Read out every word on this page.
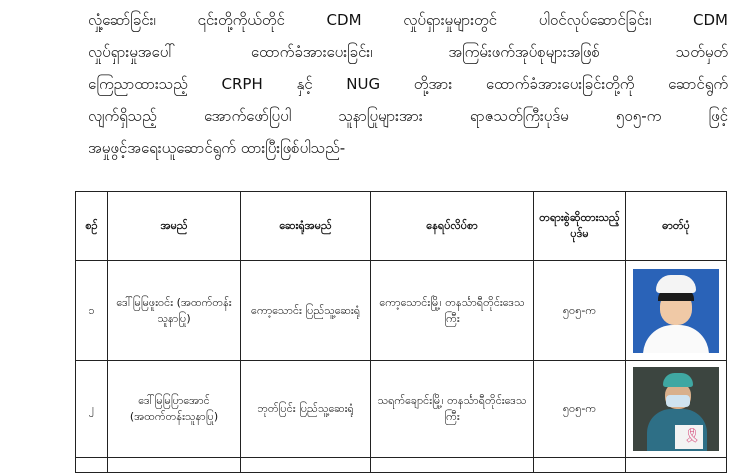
လှုံ့ဆော်ခြင်း၊ ၎င်းတို့ကိုယ်တိုင် CDM လှုပ်ရှားမှုများတွင် ပါဝင်လုပ်ဆောင်ခြင်း၊ CDM
လှုပ်ရှားမှုအပေါ် ထောက်ခံအားပေးခြင်း၊ အကြမ်းဖက်အုပ်စုများအဖြစ် သတ်မှတ်
ကြေညာထားသည့် CRPH နှင့် NUG တို့အား ထောက်ခံအားပေးခြင်းတို့ကို ဆောင်ရွက်
လျက်ရှိသည့် အောက်ဖော်ပြပါ သူနာပြုများအား ရာဇသတ်ကြီးပုဒ်မ ၅၀၅-က ဖြင့်
အမှုဖွင့်အရေးယူဆောင်ရွက် ထားပြီးဖြစ်ပါသည်-
စဉ်	အမည်	ဆေးရုံအမည်	နေရပ်လိပ်စာ	တရားစွဲဆိုထားသည့်ပုဒ်မ	ဓာတ်ပုံ
၁	ဒေါ်မြမြဖူးဝင်း (အထက်တန်းသူနာပြု)	ကော့သောင်း ပြည်သူ့ဆေးရုံ	ကော့သောင်းမြို့၊ တနင်္သာရီတိုင်းဒေသကြီး	၅၀၅-က	

၂	ဒေါ်မြမြပြာအောင် (အထက်တန်းသူနာပြု)	ဘုတ်ပြင်း ပြည်သူ့ဆေးရုံ	သရက်ချောင်းမြို့၊ တနင်္သာရီတိုင်းဒေသကြီး	၅၀၅-က	🎗
